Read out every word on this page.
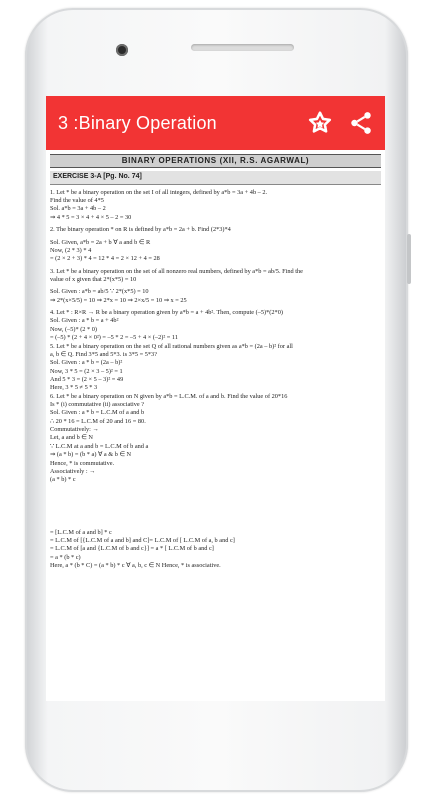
3 :Binary Operation
BINARY OPERATIONS (XII, R.S. AGARWAL)
EXERCISE 3-A [Pg. No. 74]
1. Let * be a binary operation on the set I of all integers, defined by a*b = 3a + 4b – 2.
Find the value of 4*5
Sol. a*b = 3a + 4b – 2
⇒ 4 * 5 = 3 × 4 + 4 × 5 – 2 = 30
2. The binary operation * on R is defined by a*b = 2a + b. Find (2*3)*4
Sol. Given, a*b = 2a + b ∀ a and b ∈ R
Now, (2 * 3) * 4
= (2 × 2 + 3) * 4 = 12 * 4 = 2 × 12 + 4 = 28
3. Let * be a binary operation on the set of all nonzero real numbers, defined by a*b = ab/5. Find the
value of x given that 2*(x*5) = 10
Sol. Given : a*b = ab/5 ∵ 2*(x*5) = 10
⇒ 2*(x×5/5) = 10 ⇒ 2*x = 10 ⇒ 2×x/5 = 10 ⇒ x = 25
4. Let * : R×R → R be a binary operation given by a*b = a + 4b². Then, compute (–5)*(2*0)
Sol. Given : a * b = a + 4b²
Now, (–5)* (2 * 0)
= (–5) * (2 + 4 × 0²) = –5 * 2 = –5 + 4 × (–2)² = 11
5. Let * be a binary operation on the set Q of all rational numbers given as a*b = (2a – b)² for all
a, b ∈ Q. Find 3*5 and 5*3. is 3*5 = 5*3?
Sol. Given : a * b = (2a – b)²
Now, 3 * 5 = (2 × 3 – 5)² = 1
And 5 * 3 = (2 × 5 – 3)² = 49
Here, 3 * 5 ≠ 5 * 3
6. Let * be a binary operation on N given by a*b = L.C.M. of a and b. Find the value of 20*16
Is * (i) commutative (ii) associative ?
Sol. Given : a * b = L.C.M of a and b
∴ 20 * 16 = L.C.M of 20 and 16 = 80.
Commutatively: →
Let, a and b ∈ N
∵ L.C.M at a and b = L.C.M of b and a
⇒ (a * b) = (b * a) ∀ a & b ∈ N
Hence, * is commutative.
Associatively : →
(a * b) * c
= [L.C.M of a and b] * c
= L.C.M of [{L.C.M of a and b] and C]= L.C.M of [ L.C.M of a, b and c]
= L.C.M of [a and {L.C.M of b and c}] = a * [ L.C.M of b and c]
= a * (b * c)
Here, a * (b * C) = (a * b) * c ∀ a, b, c ∈ N Hence, * is associative.
